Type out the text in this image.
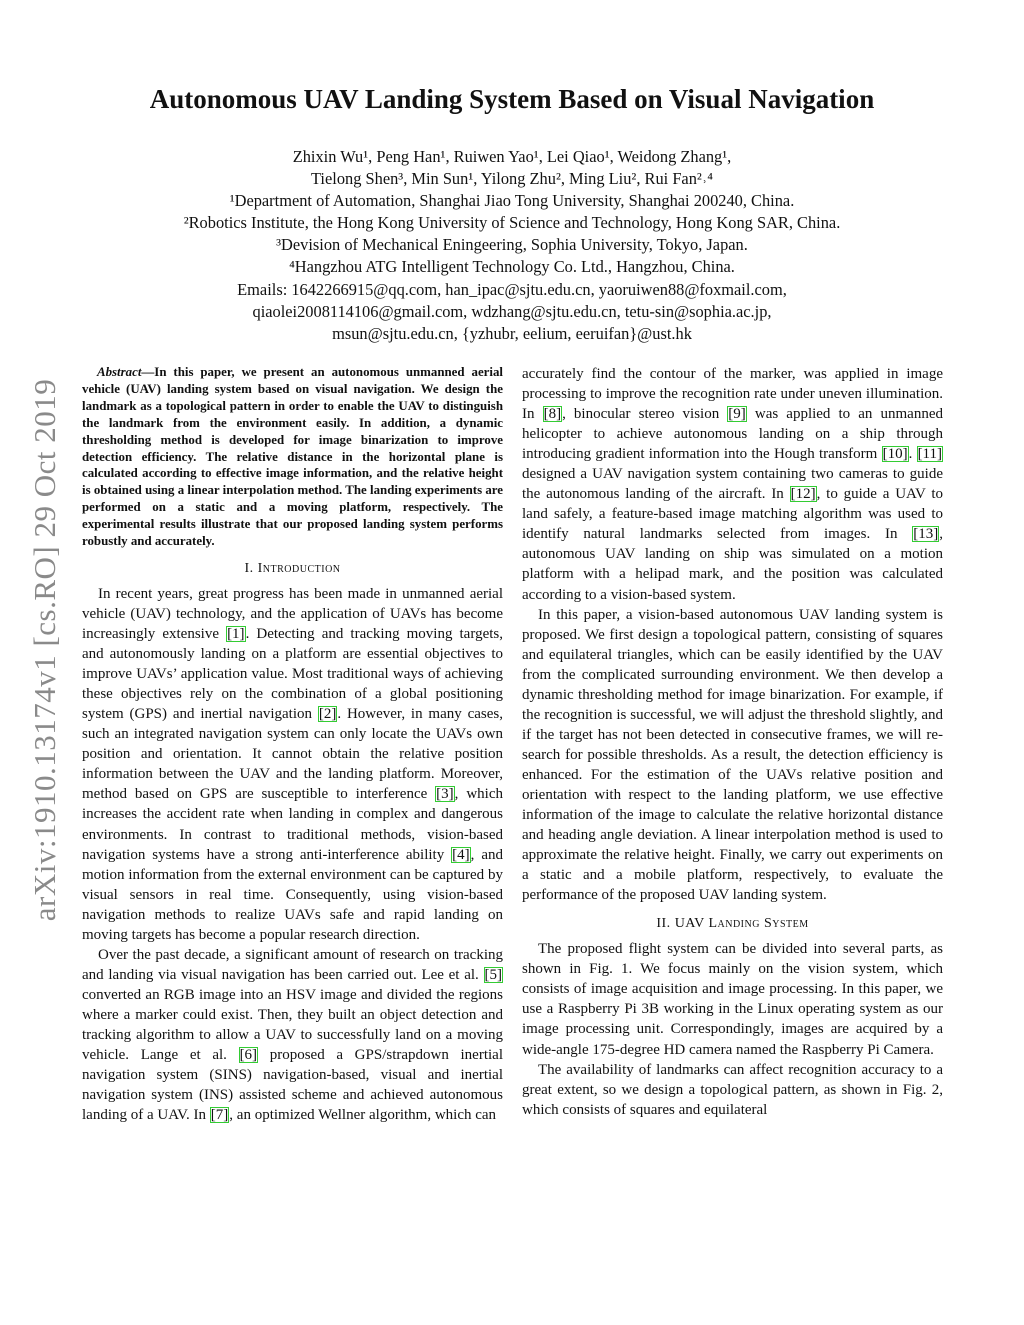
arXiv:1910.13174v1 [cs.RO] 29 Oct 2019
Autonomous UAV Landing System Based on Visual Navigation
Zhixin Wu¹, Peng Han¹, Ruiwen Yao¹, Lei Qiao¹, Weidong Zhang¹,
Tielong Shen³, Min Sun¹, Yilong Zhu², Ming Liu², Rui Fan²˒⁴
¹Department of Automation, Shanghai Jiao Tong University, Shanghai 200240, China.
²Robotics Institute, the Hong Kong University of Science and Technology, Hong Kong SAR, China.
³Devision of Mechanical Eningeering, Sophia University, Tokyo, Japan.
⁴Hangzhou ATG Intelligent Technology Co. Ltd., Hangzhou, China.
Emails: 1642266915@qq.com, han_ipac@sjtu.edu.cn, yaoruiwen88@foxmail.com,
qiaolei2008114106@gmail.com, wdzhang@sjtu.edu.cn, tetu-sin@sophia.ac.jp,
msun@sjtu.edu.cn, {yzhubr, eelium, eeruifan}@ust.hk

Abstract—In this paper, we present an autonomous unmanned aerial vehicle (UAV) landing system based on visual navigation. We design the landmark as a topological pattern in order to enable the UAV to distinguish the landmark from the environment easily. In addition, a dynamic thresholding method is developed for image binarization to improve detection efficiency. The relative distance in the horizontal plane is calculated according to effective image information, and the relative height is obtained using a linear interpolation method. The landing experiments are performed on a static and a moving platform, respectively. The experimental results illustrate that our proposed landing system performs robustly and accurately.

I. Introduction

In recent years, great progress has been made in unmanned aerial vehicle (UAV) technology, and the application of UAVs has become increasingly extensive [1]. Detecting and tracking moving targets, and autonomously landing on a platform are essential objectives to improve UAVs’ application value. Most traditional ways of achieving these objectives rely on the combination of a global positioning system (GPS) and inertial navigation [2]. However, in many cases, such an integrated navigation system can only locate the UAVs own position and orientation. It cannot obtain the relative position information between the UAV and the landing platform. Moreover, method based on GPS are susceptible to interference [3], which increases the accident rate when landing in complex and dangerous environments. In contrast to traditional methods, vision-based navigation systems have a strong anti-interference ability [4], and motion information from the external environment can be captured by visual sensors in real time. Consequently, using vision-based navigation methods to realize UAVs safe and rapid landing on moving targets has become a popular research direction.

Over the past decade, a significant amount of research on tracking and landing via visual navigation has been carried out. Lee et al. [5] converted an RGB image into an HSV image and divided the regions where a marker could exist. Then, they built an object detection and tracking algorithm to allow a UAV to successfully land on a moving vehicle. Lange et al. [6] proposed a GPS/strapdown inertial navigation system (SINS) navigation-based, visual and inertial navigation system (INS) assisted scheme and achieved autonomous landing of a UAV. In [7], an optimized Wellner algorithm, which can

accurately find the contour of the marker, was applied in image processing to improve the recognition rate under uneven illumination. In [8], binocular stereo vision [9] was applied to an unmanned helicopter to achieve autonomous landing on a ship through introducing gradient information into the Hough transform [10]. [11] designed a UAV navigation system containing two cameras to guide the autonomous landing of the aircraft. In [12], to guide a UAV to land safely, a feature-based image matching algorithm was used to identify natural landmarks selected from images. In [13], autonomous UAV landing on ship was simulated on a motion platform with a helipad mark, and the position was calculated according to a vision-based system.

In this paper, a vision-based autonomous UAV landing system is proposed. We first design a topological pattern, consisting of squares and equilateral triangles, which can be easily identified by the UAV from the complicated surrounding environment. We then develop a dynamic thresholding method for image binarization. For example, if the recognition is successful, we will adjust the threshold slightly, and if the target has not been detected in consecutive frames, we will re-search for possible thresholds. As a result, the detection efficiency is enhanced. For the estimation of the UAVs relative position and orientation with respect to the landing platform, we use effective information of the image to calculate the relative horizontal distance and heading angle deviation. A linear interpolation method is used to approximate the relative height. Finally, we carry out experiments on a static and a mobile platform, respectively, to evaluate the performance of the proposed UAV landing system.

II. UAV Landing System

The proposed flight system can be divided into several parts, as shown in Fig. 1. We focus mainly on the vision system, which consists of image acquisition and image processing. In this paper, we use a Raspberry Pi 3B working in the Linux operating system as our image processing unit. Correspondingly, images are acquired by a wide-angle 175-degree HD camera named the Raspberry Pi Camera.

The availability of landmarks can affect recognition accuracy to a great extent, so we design a topological pattern, as shown in Fig. 2, which consists of squares and equilateral
